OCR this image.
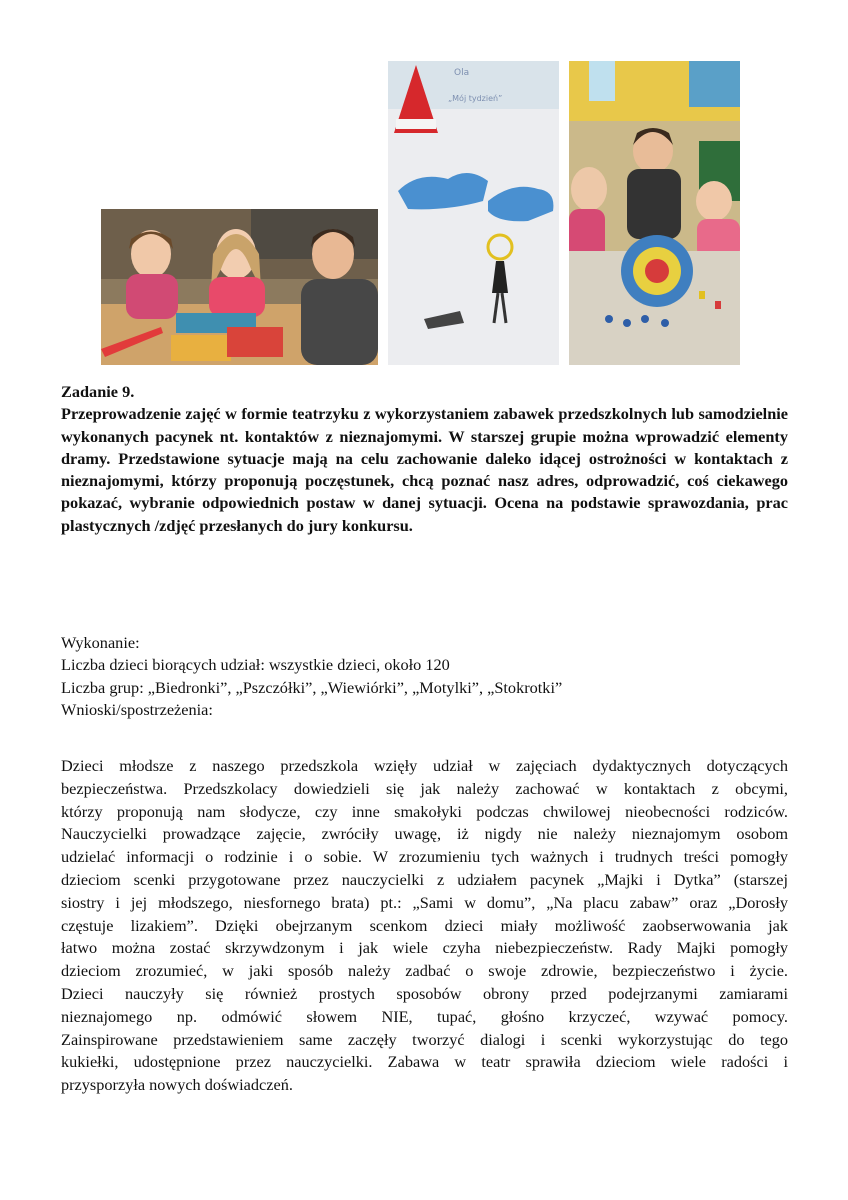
Ola
„Mój tydzień”

Zadanie 9.

Przeprowadzenie zajęć w formie teatrzyku z wykorzystaniem zabawek przedszkolnych lub samodzielnie wykonanych pacynek nt. kontaktów z nieznajomymi. W starszej grupie można wprowadzić elementy dramy. Przedstawione sytuacje mają na celu zachowanie daleko idącej ostrożności w kontaktach z nieznajomymi, którzy proponują poczęstunek, chcą poznać nasz adres, odprowadzić, coś ciekawego pokazać, wybranie odpowiednich postaw w danej sytuacji. Ocena na podstawie sprawozdania, prac plastycznych /zdjęć przesłanych do jury konkursu.

Wykonanie:

Liczba dzieci biorących udział: wszystkie dzieci, około 120

Liczba grup: „Biedronki”, „Pszczółki”, „Wiewiórki”, „Motylki”, „Stokrotki”

Wnioski/spostrzeżenia:

Dzieci młodsze z naszego przedszkola wzięły udział w zajęciach dydaktycznych dotyczących
bezpieczeństwa. Przedszkolacy dowiedzieli się jak należy zachować w kontaktach z obcymi,
którzy proponują nam słodycze, czy inne smakołyki podczas chwilowej nieobecności rodziców.
Nauczycielki prowadzące zajęcie, zwróciły uwagę, iż nigdy nie należy nieznajomym osobom
udzielać informacji o rodzinie i o sobie. W zrozumieniu tych ważnych i trudnych treści pomogły
dzieciom scenki przygotowane przez nauczycielki z udziałem pacynek „Majki i Dytka” (starszej
siostry i jej młodszego, niesfornego brata) pt.: „Sami w domu”, „Na placu zabaw” oraz „Dorosły
częstuje lizakiem”. Dzięki obejrzanym scenkom dzieci miały możliwość zaobserwowania jak
łatwo można zostać skrzywdzonym i jak wiele czyha niebezpieczeństw. Rady Majki pomogły
dzieciom zrozumieć, w jaki sposób należy zadbać o swoje zdrowie, bezpieczeństwo i życie.
Dzieci nauczyły się również prostych sposobów obrony przed podejrzanymi zamiarami
nieznajomego np. odmówić słowem NIE, tupać, głośno krzyczeć, wzywać pomocy.
Zainspirowane przedstawieniem same zaczęły tworzyć dialogi i scenki wykorzystując do tego
kukiełki, udostępnione przez nauczycielki. Zabawa w teatr sprawiła dzieciom wiele radości i
przysporzyła nowych doświadczeń.
